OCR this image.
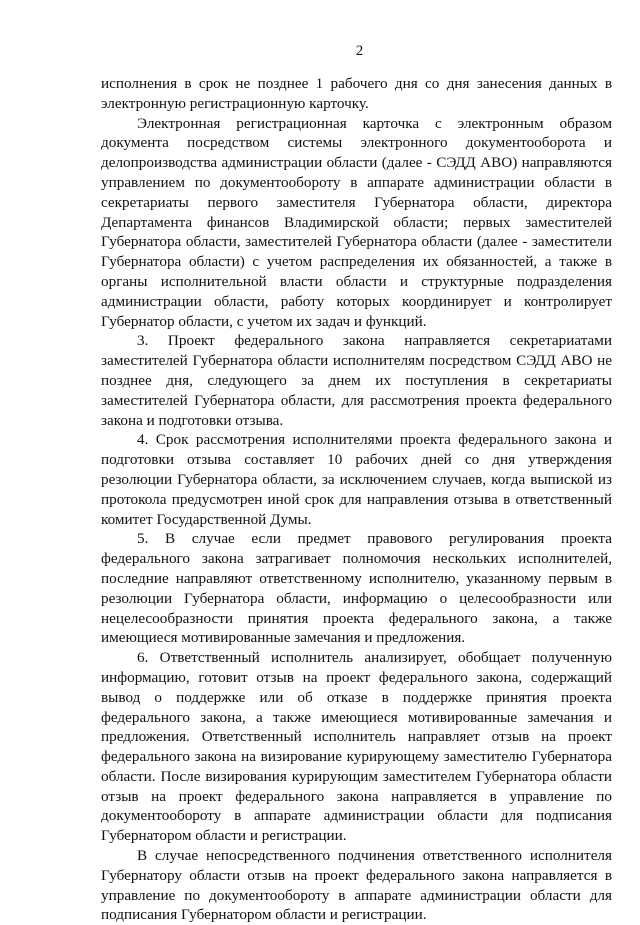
2

исполнения в срок не позднее 1 рабочего дня со дня занесения данных в электронную регистрационную карточку.

Электронная регистрационная карточка с электронным образом документа посредством системы электронного документооборота и делопроизводства администрации области (далее - СЭДД АВО) направляются управлением по документообороту в аппарате администрации области в секретариаты первого заместителя Губернатора области, директора Департамента финансов Владимирской области; первых заместителей Губернатора области, заместителей Губернатора области (далее - заместители Губернатора области) с учетом распределения их обязанностей, а также в органы исполнительной власти области и структурные подразделения администрации области, работу которых координирует и контролирует Губернатор области, с учетом их задач и функций.

3. Проект федерального закона направляется секретариатами заместителей Губернатора области исполнителям посредством СЭДД АВО не позднее дня, следующего за днем их поступления в секретариаты заместителей Губернатора области, для рассмотрения проекта федерального закона и подготовки отзыва.

4. Срок рассмотрения исполнителями проекта федерального закона и подготовки отзыва составляет 10 рабочих дней со дня утверждения резолюции Губернатора области, за исключением случаев, когда выпиской из протокола предусмотрен иной срок для направления отзыва в ответственный комитет Государственной Думы.

5. В случае если предмет правового регулирования проекта федерального закона затрагивает полномочия нескольких исполнителей, последние направляют ответственному исполнителю, указанному первым в резолюции Губернатора области, информацию о целесообразности или нецелесообразности принятия проекта федерального закона, а также имеющиеся мотивированные замечания и предложения.

6. Ответственный исполнитель анализирует, обобщает полученную информацию, готовит отзыв на проект федерального закона, содержащий вывод о поддержке или об отказе в поддержке принятия проекта федерального закона, а также имеющиеся мотивированные замечания и предложения. Ответственный исполнитель направляет отзыв на проект федерального закона на визирование курирующему заместителю Губернатора области. После визирования курирующим заместителем Губернатора области отзыв на проект федерального закона направляется в управление по документообороту в аппарате администрации области для подписания Губернатором области и регистрации.

В случае непосредственного подчинения ответственного исполнителя Губернатору области отзыв на проект федерального закона направляется в управление по документообороту в аппарате администрации области для подписания Губернатором области и регистрации.
